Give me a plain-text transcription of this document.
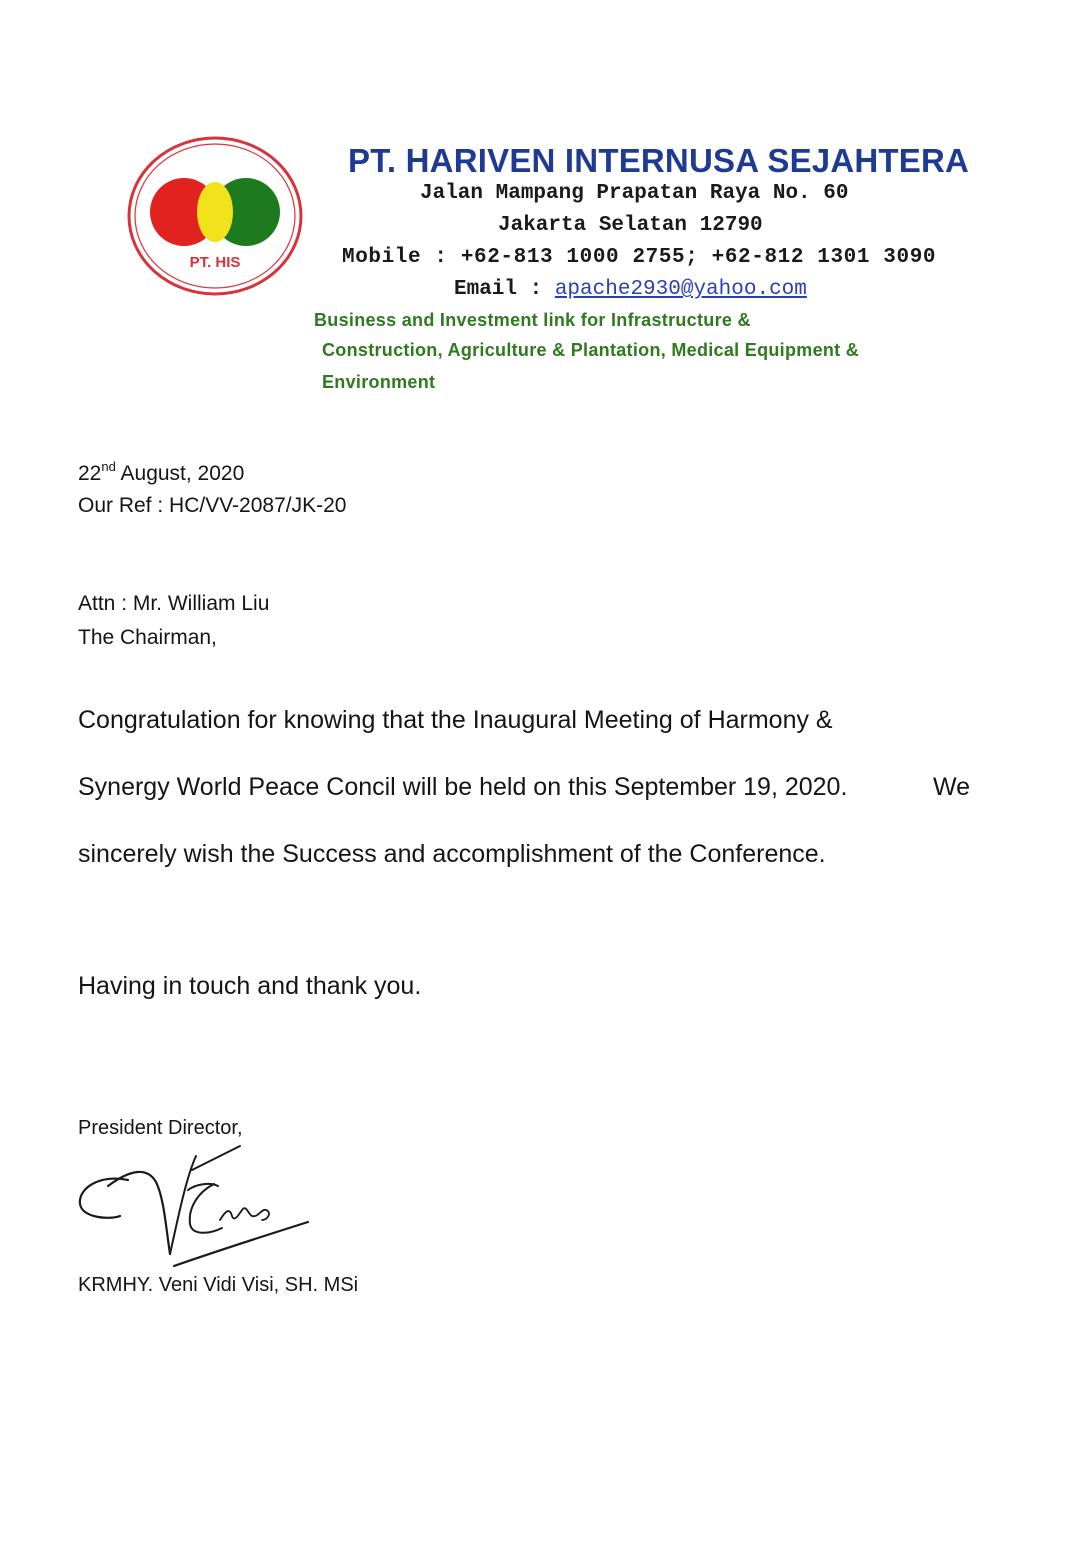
PT. HIS
PT. HARIVEN INTERNUSA SEJAHTERA
Jalan Mampang Prapatan Raya No. 60
Jakarta Selatan 12790
Mobile : +62-813 1000 2755; +62-812 1301 3090
Email : apache2930@yahoo.com
Business and Investment link for Infrastructure &
Construction, Agriculture & Plantation, Medical Equipment &
Environment
22nd August, 2020
Our Ref : HC/VV-2087/JK-20
Attn : Mr. William Liu
The Chairman,
Congratulation for knowing that the Inaugural Meeting of Harmony &
Synergy World Peace Concil will be held on this September 19, 2020.	We
sincerely wish the Success and accomplishment of the Conference.
Having in touch and thank you.
President Director,
KRMHY. Veni Vidi Visi, SH. MSi
